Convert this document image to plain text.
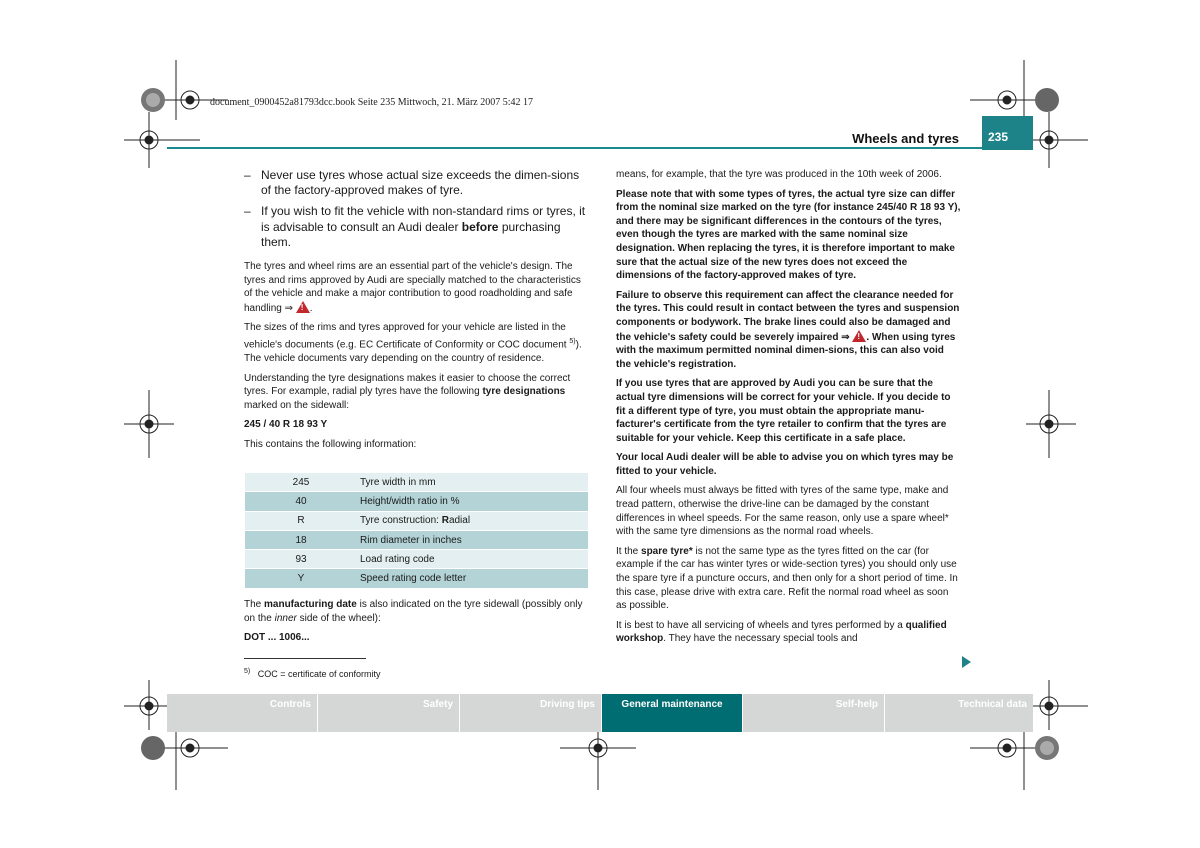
document_0900452a81793dcc.book Seite 235 Mittwoch, 21. März 2007 5:42 17
Wheels and tyres	235
– Never use tyres whose actual size exceeds the dimen-sions of the factory-approved makes of tyre.
– If you wish to fit the vehicle with non-standard rims or tyres, it is advisable to consult an Audi dealer before purchasing them.

The tyres and wheel rims are an essential part of the vehicle's design. The tyres and rims approved by Audi are specially matched to the characteristics of the vehicle and make a major contribution to good roadholding and safe handling ⇒ !.

The sizes of the rims and tyres approved for your vehicle are listed in the vehicle's documents (e.g. EC Certificate of Conformity or COC document $^{5)}$). The vehicle documents vary depending on the country of residence.

Understanding the tyre designations makes it easier to choose the correct tyres. For example, radial ply tyres have the following tyre designations marked on the sidewall:

245 / 40 R 18 93 Y

This contains the following information:

245	Tyre width in mm
40	Height/width ratio in %
R	Tyre construction: Radial
18	Rim diameter in inches
93	Load rating code
Y	Speed rating code letter

The manufacturing date is also indicated on the tyre sidewall (possibly only on the inner side of the wheel):

DOT ... 1006...

$^{5)}$ COC = certificate of conformity

means, for example, that the tyre was produced in the 10th week of 2006.

Please note that with some types of tyres, the actual tyre size can differ from the nominal size marked on the tyre (for instance 245/40 R 18 93 Y), and there may be significant differences in the contours of the tyres, even though the tyres are marked with the same nominal size designation. When replacing the tyres, it is therefore important to make sure that the actual size of the new tyres does not exceed the dimensions of the factory-approved makes of tyre.

Failure to observe this requirement can affect the clearance needed for the tyres. This could result in contact between the tyres and suspension components or bodywork. The brake lines could also be damaged and the vehicle's safety could be severely impaired ⇒ !. When using tyres with the maximum permitted nominal dimen-sions, this can also void the vehicle's registration.

If you use tyres that are approved by Audi you can be sure that the actual tyre dimensions will be correct for your vehicle. If you decide to fit a different type of tyre, you must obtain the appropriate manu-facturer's certificate from the tyre retailer to confirm that the tyres are suitable for your vehicle. Keep this certificate in a safe place.

Your local Audi dealer will be able to advise you on which tyres may be fitted to your vehicle.

All four wheels must always be fitted with tyres of the same type, make and tread pattern, otherwise the drive-line can be damaged by the constant differences in wheel speeds. For the same reason, only use a spare wheel* with the same tyre dimensions as the normal road wheels.

It the spare tyre* is not the same type as the tyres fitted on the car (for example if the car has winter tyres or wide-section tyres) you should only use the spare tyre if a puncture occurs, and then only for a short period of time. In this case, please drive with extra care. Refit the normal road wheel as soon as possible.

It is best to have all servicing of wheels and tyres performed by a qualified workshop. They have the necessary special tools and

Controls	Safety	Driving tips	General maintenance	Self-help	Technical data
